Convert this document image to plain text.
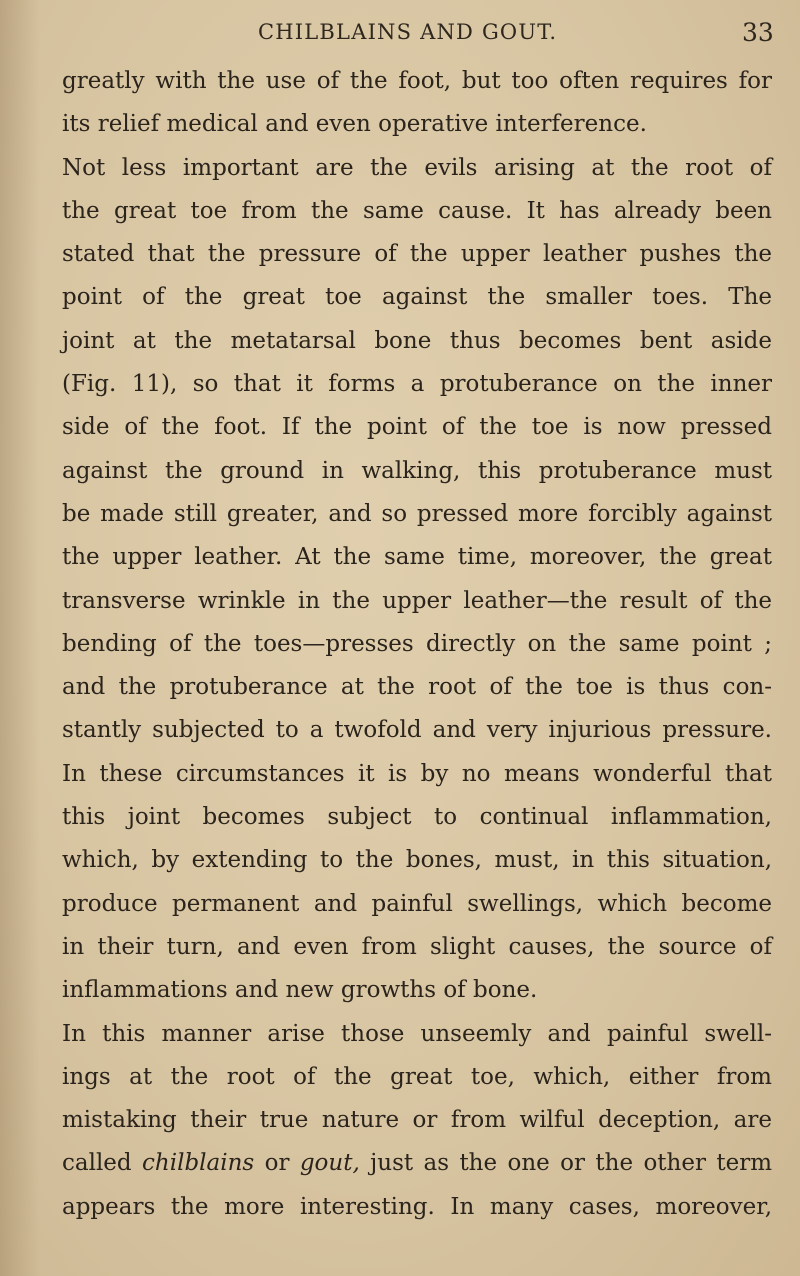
CHILBLAINS AND GOUT.	33
greatly with the use of the foot, but too often requires for
its relief medical and even operative interference.
Not less important are the evils arising at the root of
the great toe from the same cause. It has already been
stated that the pressure of the upper leather pushes the
point of the great toe against the smaller toes. The
joint at the metatarsal bone thus becomes bent aside
(Fig. 11), so that it forms a protuberance on the inner
side of the foot. If the point of the toe is now pressed
against the ground in walking, this protuberance must
be made still greater, and so pressed more forcibly against
the upper leather. At the same time, moreover, the great
transverse wrinkle in the upper leather—the result of the
bending of the toes—presses directly on the same point ;
and the protuberance at the root of the toe is thus con-
stantly subjected to a twofold and very injurious pressure.
In these circumstances it is by no means wonderful that
this joint becomes subject to continual inflammation,
which, by extending to the bones, must, in this situation,
produce permanent and painful swellings, which become
in their turn, and even from slight causes, the source of
inflammations and new growths of bone.
In this manner arise those unseemly and painful swell-
ings at the root of the great toe, which, either from
mistaking their true nature or from wilful deception, are
called chilblains or gout, just as the one or the other term
appears the more interesting. In many cases, moreover,
